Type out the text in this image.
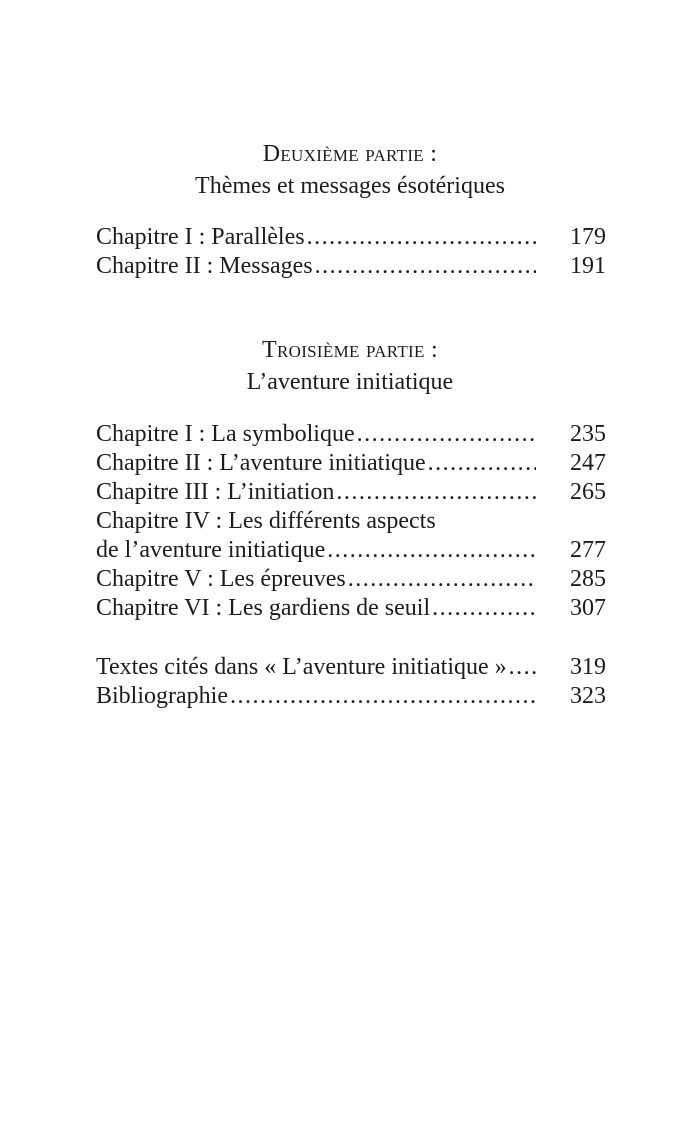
Deuxième partie :
Thèmes et messages ésotériques
Chapitre I : Parallèles .....	179
Chapitre II : Messages .....	191
Troisième partie :
L’aventure initiatique
Chapitre I : La symbolique .....	235
Chapitre II : L’aventure initiatique .....	247
Chapitre III : L’initiation .....	265
Chapitre IV : Les différents aspects
de l’aventure initiatique .....	277
Chapitre V : Les épreuves .....	285
Chapitre VI : Les gardiens de seuil .....	307
Textes cités dans « L’aventure initiatique » .....	319
Bibliographie .....	323
